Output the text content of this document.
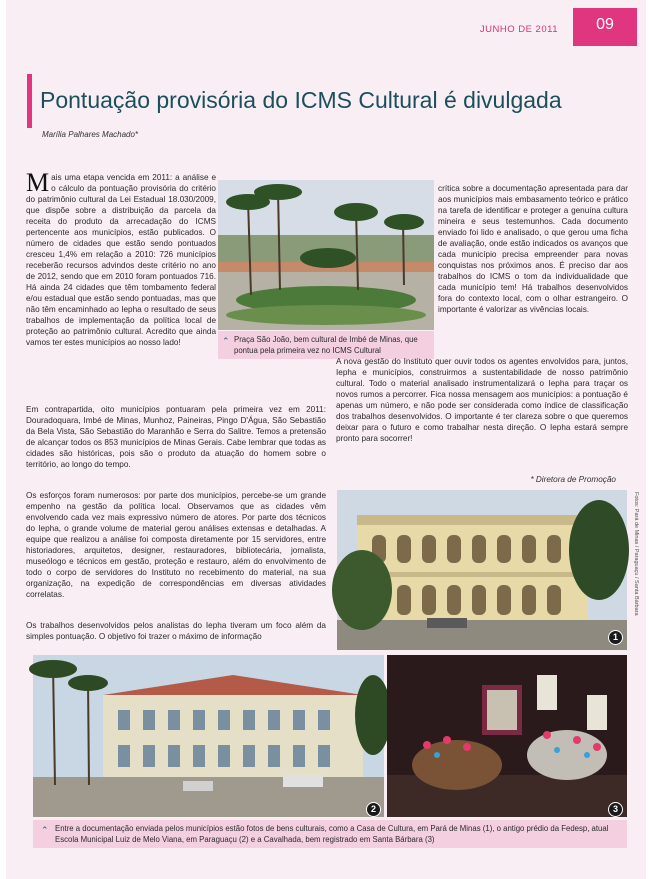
JUNHO DE 2011	09
Pontuação provisória do ICMS Cultural é divulgada
Marília Palhares Machado*
M ais uma etapa vencida em 2011: a análise e o cálculo da pontuação provisória do critério do patrimônio cultural da Lei Estadual 18.030/2009, que dispõe sobre a distribuição da parcela da receita do produto da arrecadação do ICMS pertencente aos municípios, estão publicados. O número de cidades que estão sendo pontuados cresceu 1,4% em relação a 2010: 726 municípios receberão recursos advindos deste critério no ano de 2012, sendo que em 2010 foram pontuados 716. Há ainda 24 cidades que têm tombamento federal e/ou estadual que estão sendo pontuadas, mas que não têm encaminhado ao Iepha o resultado de seus trabalhos de implementação da política local de proteção ao patrimônio cultural. Acredito que ainda vamos ter estes municípios ao nosso lado!	⌃ Praça São João, bem cultural de Imbé de Minas, que pontua pela primeira vez no ICMS Cultural
crítica sobre a documentação apresentada para dar aos municípios mais embasamento teórico e prático na tarefa de identificar e proteger a genuína cultura mineira e seus testemunhos. Cada documento enviado foi lido e analisado, o que gerou uma ficha de avaliação, onde estão indicados os avanços que cada município precisa empreender para novas conquistas nos próximos anos. É preciso dar aos trabalhos do ICMS o tom da individualidade que cada município tem! Há trabalhos desenvolvidos fora do contexto local, com o olhar estrangeiro. O importante é valorizar as vivências locais.
A nova gestão do Instituto quer ouvir todos os agentes envolvidos para, juntos, Iepha e municípios, construirmos a sustentabilidade de nosso patrimônio cultural. Todo o material analisado instrumentalizará o Iepha para traçar os novos rumos a percorrer. Fica nossa mensagem aos municípios: a pontuação é apenas um número, e não pode ser considerada como índice de classificação dos trabalhos desenvolvidos. O importante é ter clareza sobre o que queremos deixar para o futuro e como trabalhar nesta direção. O Iepha estará sempre pronto para socorrer!
Em contrapartida, oito municípios pontuaram pela primeira vez em 2011: Douradoquara, Imbé de Minas, Munhoz, Paineiras, Pingo D'Água, São Sebastião da Bela Vista, São Sebastião do Maranhão e Serra do Salitre. Temos a pretensão de alcançar todos os 853 municípios de Minas Gerais. Cabe lembrar que todas as cidades são históricas, pois são o produto da atuação do homem sobre o território, ao longo do tempo.
* Diretora de Promoção
Os esforços foram numerosos: por parte dos municípios, percebe-se um grande empenho na gestão da política local. Observamos que as cidades vêm envolvendo cada vez mais expressivo número de atores. Por parte dos técnicos do Iepha, o grande volume de material gerou análises extensas e detalhadas. A equipe que realizou a análise foi composta diretamente por 15 servidores, entre historiadores, arquitetos, designer, restauradores, bibliotecária, jornalista, museólogo e técnicos em gestão, proteção e restauro, além do envolvimento de todo o corpo de servidores do Instituto no recebimento do material, na sua organização, na expedição de correspondências em diversas atividades correlatas.
Os trabalhos desenvolvidos pelos analistas do Iepha tiveram um foco além da simples pontuação. O objetivo foi trazer o máximo de informação	1
Fotos: Pará de Minas / Paraguaçu / Santa Bárbara
2	3
⌃ Entre a documentação enviada pelos municípios estão fotos de bens culturais, como a Casa de Cultura, em Pará de Minas (1), o antigo prédio da Fedesp, atual Escola Municipal Luiz de Melo Viana, em Paraguaçu (2) e a Cavalhada, bem registrado em Santa Bárbara (3)
